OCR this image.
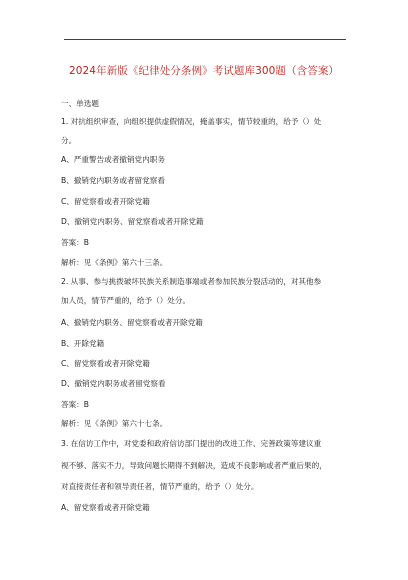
2024年新版《纪律处分条例》考试题库300题（含答案）
一、单选题
1. 对抗组织审查，向组织提供虚假情况，掩盖事实，情节较重的，给予（）处
分。
A、严重警告或者撤销党内职务
B、撤销党内职务或者留党察看
C、留党察看或者开除党籍
D、撤销党内职务、留党察看或者开除党籍
答案：B
解析：见《条例》第六十三条。
2. 从事、参与挑拨破坏民族关系制造事端或者参加民族分裂活动的，对其他参
加人员，情节严重的，给予（）处分。
A、撤销党内职务、留党察看或者开除党籍
B、开除党籍
C、留党察看或者开除党籍
D、撤销党内职务或者留党察看
答案：B
解析：见《条例》第六十七条。
3. 在信访工作中，对党委和政府信访部门提出的改进工作、完善政策等建议重
视不够、落实不力，导致问题长期得不到解决，造成不良影响或者严重后果的，
对直接责任者和领导责任者，情节严重的，给予（）处分。
A、留党察看或者开除党籍
